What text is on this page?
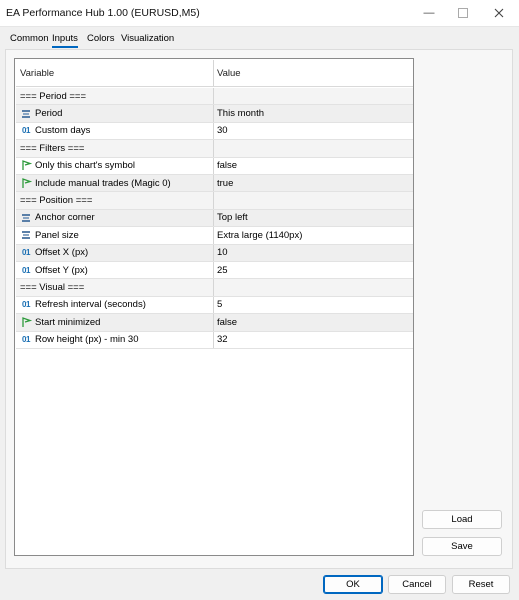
EA Performance Hub 1.00 (EURUSD,M5)	—
Common Inputs Colors Visualization
Variable	Value
=== Period ===
Period	This month
01 Custom days	30
=== Filters ===
Only this chart's symbol	false
Include manual trades (Magic 0)	true
=== Position ===
Anchor corner	Top left
Panel size	Extra large (1140px)
01 Offset X (px)	10
01 Offset Y (px)	25
=== Visual ===
01 Refresh interval (seconds)	5
Start minimized	false
01 Row height (px) - min 30	32
Load
Save
OK	Cancel	Reset
